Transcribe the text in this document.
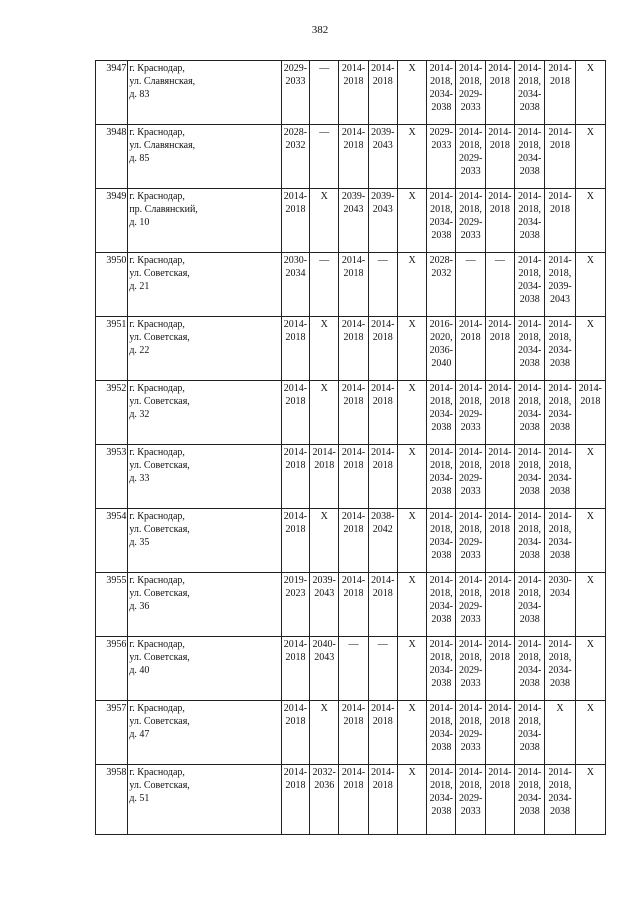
382
3947	г. Краснодар,
ул. Славянская,
д. 83	2029-
2033	—	2014-
2018	2014-
2018	Х	2014-
2018,
2034-
2038	2014-
2018,
2029-
2033	2014-
2018	2014-
2018,
2034-
2038	2014-
2018	Х

3948	г. Краснодар,
ул. Славянская,
д. 85	2028-
2032	—	2014-
2018	2039-
2043	Х	2029-
2033	2014-
2018,
2029-
2033	2014-
2018	2014-
2018,
2034-
2038	2014-
2018	Х

3949	г. Краснодар,
пр. Славянский,
д. 10	2014-
2018	Х	2039-
2043	2039-
2043	Х	2014-
2018,
2034-
2038	2014-
2018,
2029-
2033	2014-
2018	2014-
2018,
2034-
2038	2014-
2018	Х

3950	г. Краснодар,
ул. Советская,
д. 21	2030-
2034	—	2014-
2018	—	Х	2028-
2032	—	—	2014-
2018,
2034-
2038	2014-
2018,
2039-
2043	Х

3951	г. Краснодар,
ул. Советская,
д. 22	2014-
2018	Х	2014-
2018	2014-
2018	Х	2016-
2020,
2036-
2040	2014-
2018	2014-
2018	2014-
2018,
2034-
2038	2014-
2018,
2034-
2038	Х

3952	г. Краснодар,
ул. Советская,
д. 32	2014-
2018	Х	2014-
2018	2014-
2018	Х	2014-
2018,
2034-
2038	2014-
2018,
2029-
2033	2014-
2018	2014-
2018,
2034-
2038	2014-
2018,
2034-
2038	2014-
2018

3953	г. Краснодар,
ул. Советская,
д. 33	2014-
2018	2014-
2018	2014-
2018	2014-
2018	Х	2014-
2018,
2034-
2038	2014-
2018,
2029-
2033	2014-
2018	2014-
2018,
2034-
2038	2014-
2018,
2034-
2038	Х

3954	г. Краснодар,
ул. Советская,
д. 35	2014-
2018	Х	2014-
2018	2038-
2042	Х	2014-
2018,
2034-
2038	2014-
2018,
2029-
2033	2014-
2018	2014-
2018,
2034-
2038	2014-
2018,
2034-
2038	Х

3955	г. Краснодар,
ул. Советская,
д. 36	2019-
2023	2039-
2043	2014-
2018	2014-
2018	Х	2014-
2018,
2034-
2038	2014-
2018,
2029-
2033	2014-
2018	2014-
2018,
2034-
2038	2030-
2034	Х

3956	г. Краснодар,
ул. Советская,
д. 40	2014-
2018	2040-
2043	—	—	Х	2014-
2018,
2034-
2038	2014-
2018,
2029-
2033	2014-
2018	2014-
2018,
2034-
2038	2014-
2018,
2034-
2038	Х

3957	г. Краснодар,
ул. Советская,
д. 47	2014-
2018	Х	2014-
2018	2014-
2018	Х	2014-
2018,
2034-
2038	2014-
2018,
2029-
2033	2014-
2018	2014-
2018,
2034-
2038	Х	Х

3958	г. Краснодар,
ул. Советская,
д. 51	2014-
2018	2032-
2036	2014-
2018	2014-
2018	Х	2014-
2018,
2034-
2038	2014-
2018,
2029-
2033	2014-
2018	2014-
2018,
2034-
2038	2014-
2018,
2034-
2038	Х
